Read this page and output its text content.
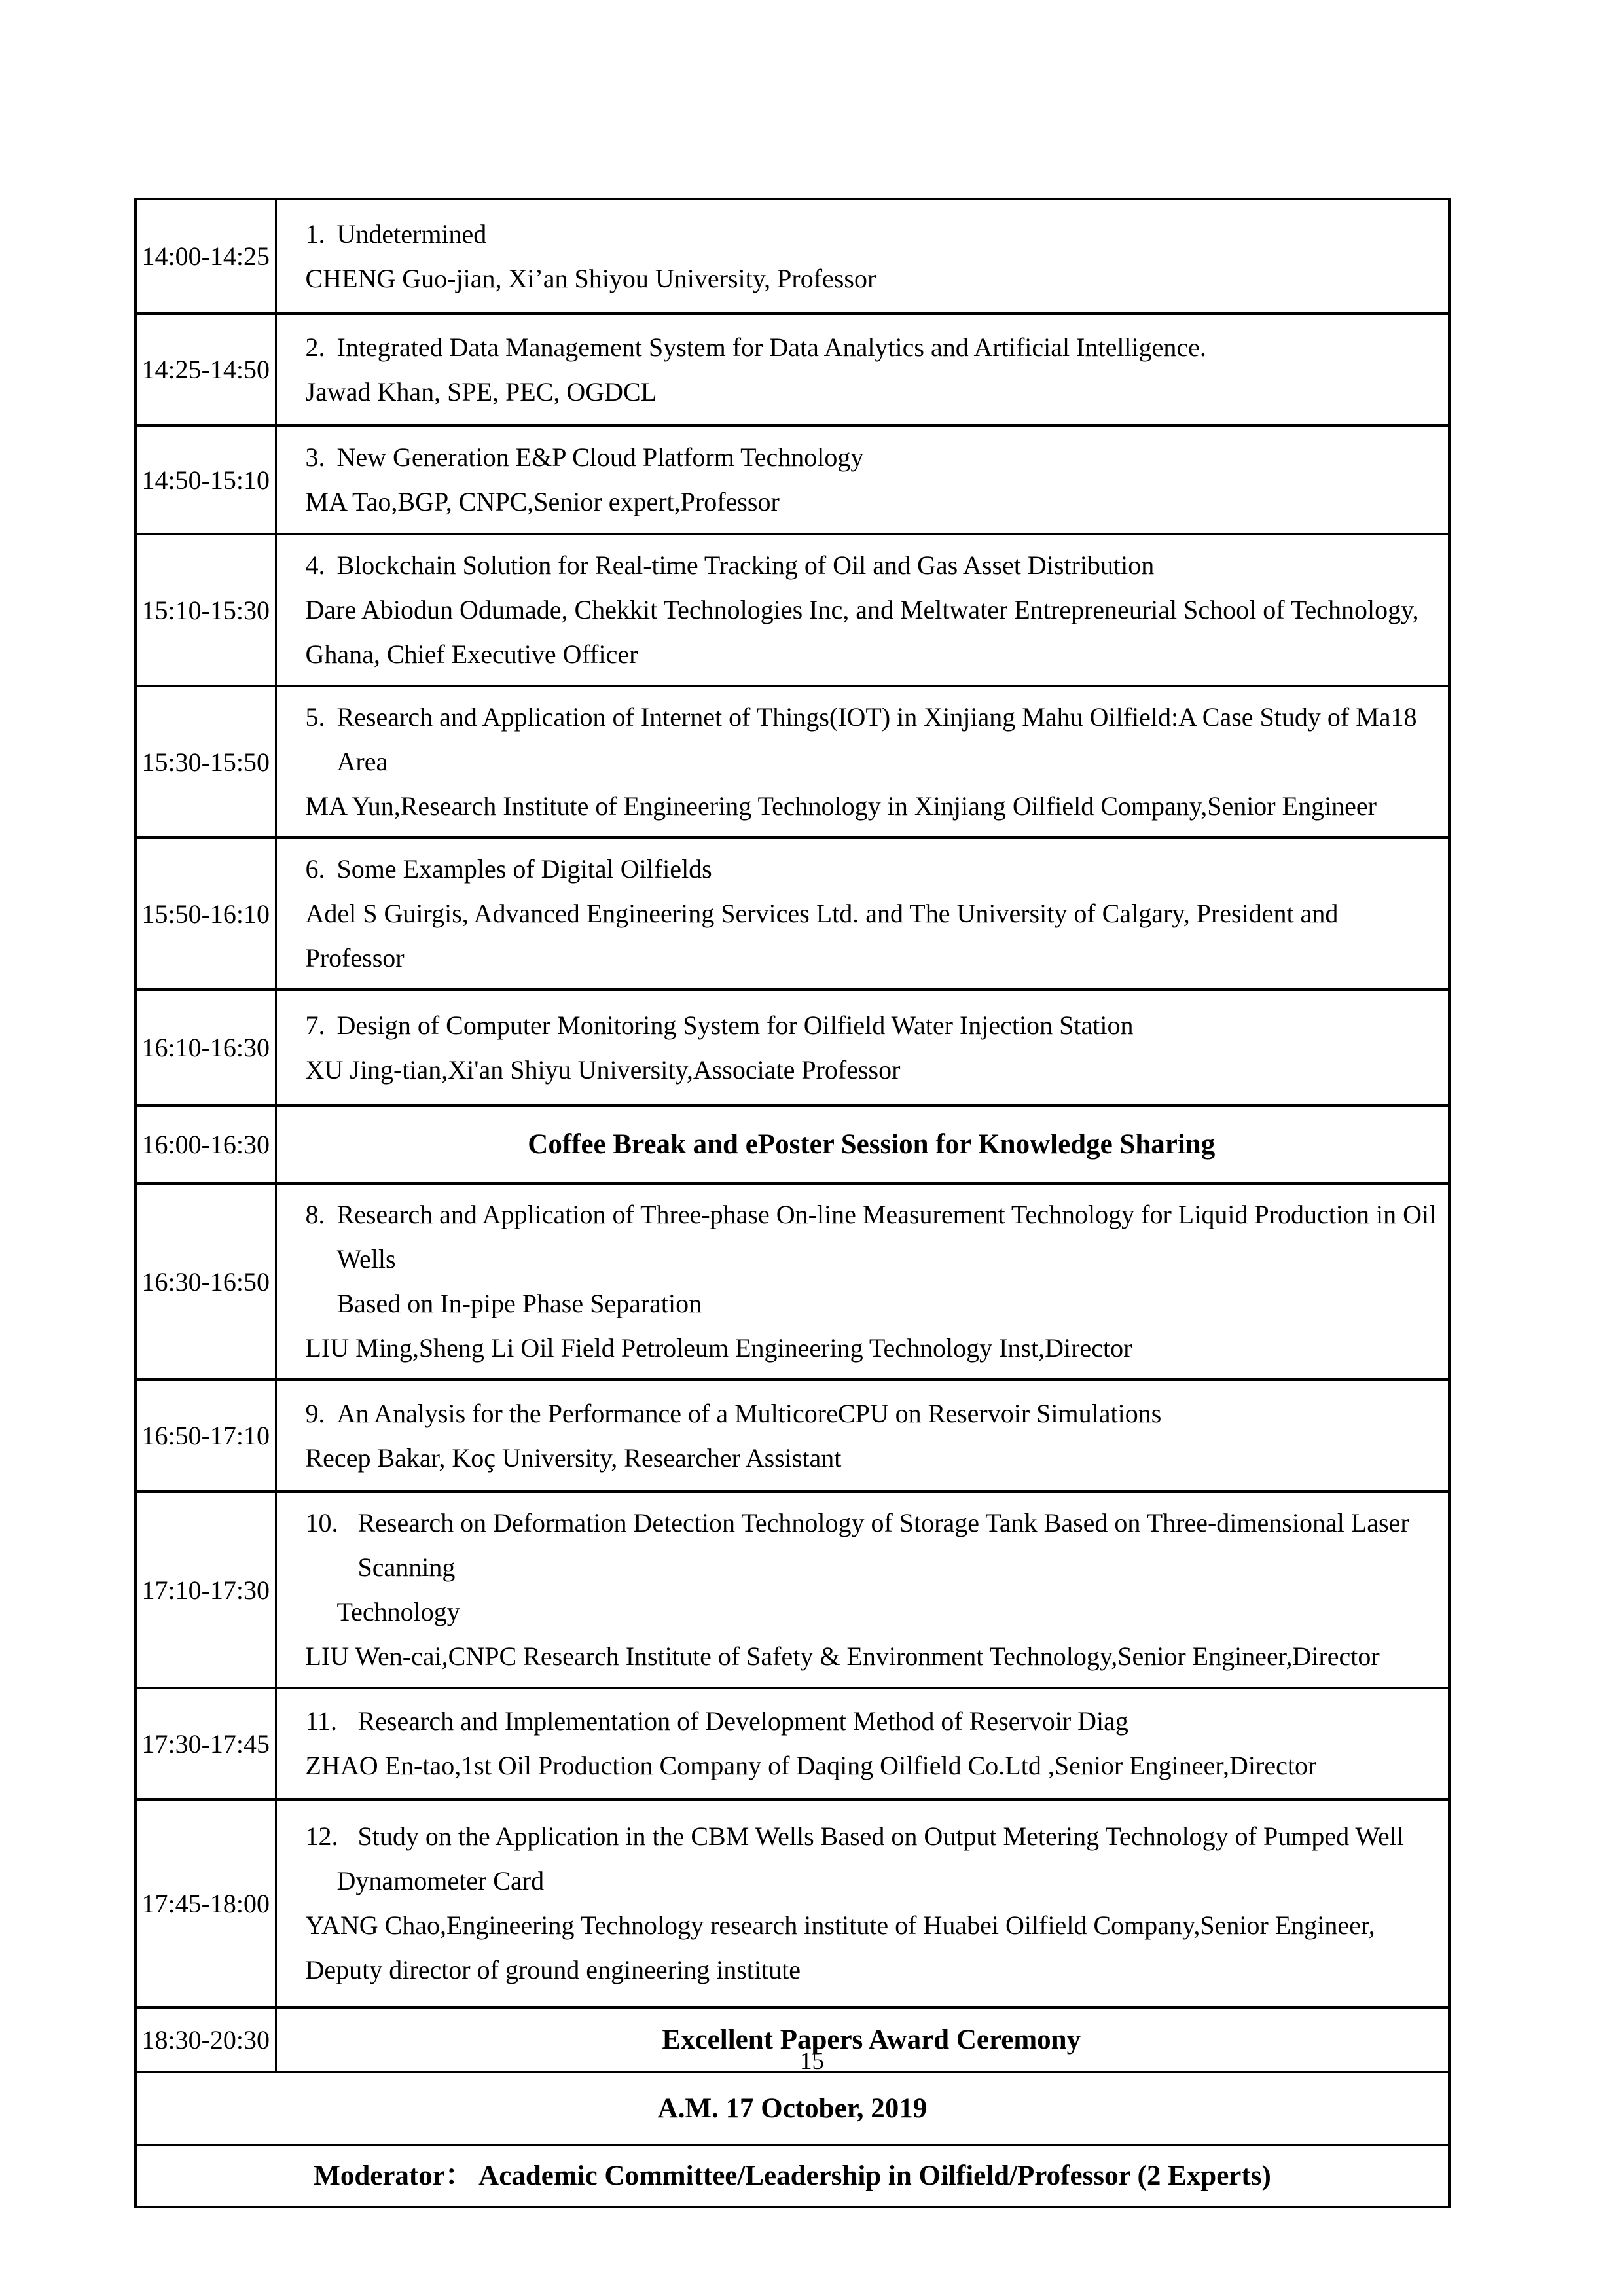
14:00-14:25	1. Undetermined
CHENG Guo-jian, Xi’an Shiyou University, Professor

14:25-14:50	2. Integrated Data Management System for Data Analytics and Artificial Intelligence.
Jawad Khan, SPE, PEC, OGDCL

14:50-15:10	3. New Generation E&P Cloud Platform Technology
MA Tao,BGP, CNPC,Senior expert,Professor

15:10-15:30	4. Blockchain Solution for Real-time Tracking of Oil and Gas Asset Distribution
Dare Abiodun Odumade, Chekkit Technologies Inc, and Meltwater Entrepreneurial School of Technology, Ghana, Chief Executive Officer

15:30-15:50	5. Research and Application of Internet of Things(IOT) in Xinjiang Mahu Oilfield:A Case Study of Ma18 Area
MA Yun,Research Institute of Engineering Technology in Xinjiang Oilfield Company,Senior Engineer

15:50-16:10	6. Some Examples of Digital Oilfields
Adel S Guirgis, Advanced Engineering Services Ltd. and The University of Calgary, President and Professor

16:10-16:30	7. Design of Computer Monitoring System for Oilfield Water Injection Station
XU Jing-tian,Xi'an Shiyu University,Associate Professor

16:00-16:30	Coffee Break and ePoster Session for Knowledge Sharing

16:30-16:50	8. Research and Application of Three-phase On-line Measurement Technology for Liquid Production in Oil Wells
Based on In-pipe Phase Separation
LIU Ming,Sheng Li Oil Field Petroleum Engineering Technology Inst,Director

16:50-17:10	9. An Analysis for the Performance of a MulticoreCPU on Reservoir Simulations
Recep Bakar, Koç University, Researcher Assistant

17:10-17:30	10. Research on Deformation Detection Technology of Storage Tank Based on Three-dimensional Laser Scanning
Technology
LIU Wen-cai,CNPC Research Institute of Safety & Environment Technology,Senior Engineer,Director

17:30-17:45	11. Research and Implementation of Development Method of Reservoir Diag
ZHAO En-tao,1st Oil Production Company of Daqing Oilfield Co.Ltd ,Senior Engineer,Director

17:45-18:00	12. Study on the Application in the CBM Wells Based on Output Metering Technology of Pumped Well
Dynamometer Card
YANG Chao,Engineering Technology research institute of Huabei Oilfield Company,Senior Engineer,
Deputy director of ground engineering institute

18:30-20:30	Excellent Papers Award Ceremony

A.M. 17 October, 2019	

Moderator： Academic Committee/Leadership in Oilfield/Professor (2 Experts)	
15
